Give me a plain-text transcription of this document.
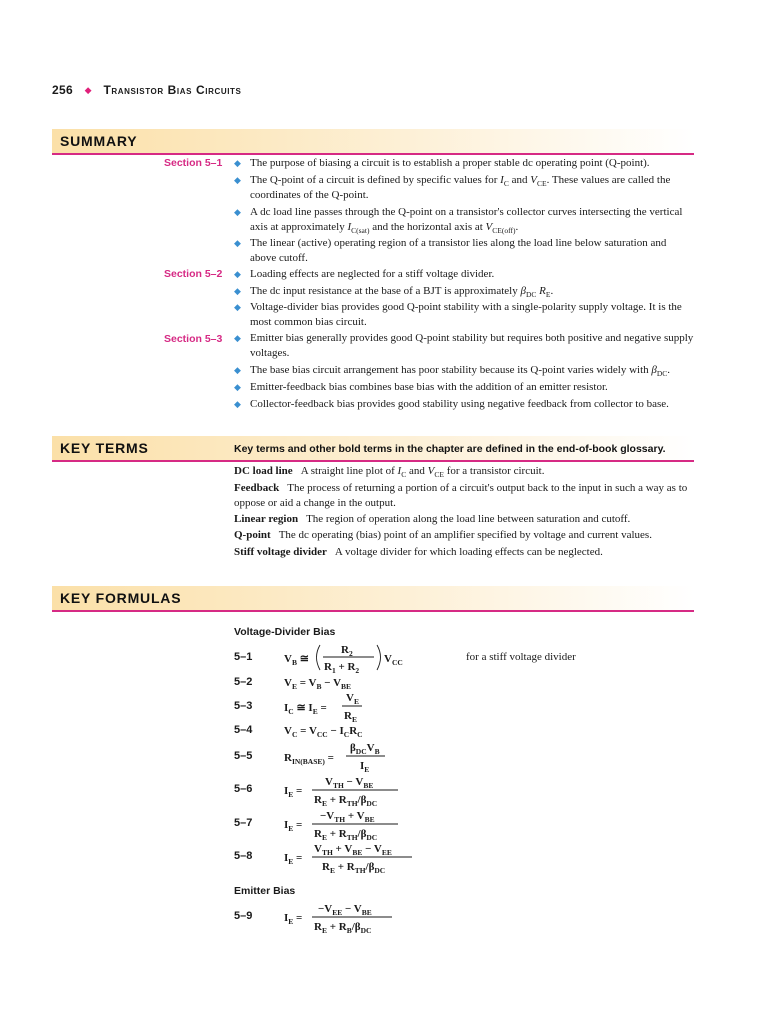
256 ◆ Transistor Bias Circuits
SUMMARY
Section 5–1 ◆ The purpose of biasing a circuit is to establish a proper stable dc operating point (Q-point).
◆ The Q-point of a circuit is defined by specific values for $I_C$ and $V_{CE}$. These values are called the coordinates of the Q-point.
◆ A dc load line passes through the Q-point on a transistor's collector curves intersecting the vertical axis at approximately $I_{C(sat)}$ and the horizontal axis at $V_{CE(off)}$.
◆ The linear (active) operating region of a transistor lies along the load line below saturation and above cutoff.
Section 5–2 ◆ Loading effects are neglected for a stiff voltage divider.
◆ The dc input resistance at the base of a BJT is approximately $\beta_{DC}$ $R_E$.
◆ Voltage-divider bias provides good Q-point stability with a single-polarity supply voltage. It is the most common bias circuit.
Section 5–3 ◆ Emitter bias generally provides good Q-point stability but requires both positive and negative supply voltages.
◆ The base bias circuit arrangement has poor stability because its Q-point varies widely with $\beta_{DC}$.
◆ Emitter-feedback bias combines base bias with the addition of an emitter resistor.
◆ Collector-feedback bias provides good stability using negative feedback from collector to base.
KEY TERMS	Key terms and other bold terms in the chapter are defined in the end-of-book glossary.
DC load line A straight line plot of $I_C$ and $V_{CE}$ for a transistor circuit.
Feedback The process of returning a portion of a circuit's output back to the input in such a way as to oppose or aid a change in the output.
Linear region The region of operation along the load line between saturation and cutoff.
Q-point The dc operating (bias) point of an amplifier specified by voltage and current values.
Stiff voltage divider A voltage divider for which loading effects can be neglected.
KEY FORMULAS
Voltage-Divider Bias
5–1	$V_B$ ≅
$R_2$
$R_1 + R_2$
$V_{CC}$	for a stiff voltage divider
5–2	$V_E = V_B - V_{BE}$
5–3	$I_C$ ≅ $I_E$ =
$V_E$
$R_E$
5–4	$V_C = V_{CC} - I_CR_C$
5–5	$R_{IN(BASE)}$ =
$\beta_{DC}V_B$
$I_E$
5–6	$I_E$ =
$V_{TH} - V_{BE}$
$R_E + R_{TH}/\beta_{DC}$
5–7	$I_E$ =
$-V_{TH} + V_{BE}$
$R_E + R_{TH}/\beta_{DC}$
5–8	$I_E$ =
$V_{TH} + V_{BE} - V_{EE}$
$R_E + R_{TH}/\beta_{DC}$
Emitter Bias
5–9	$I_E$ =
$-V_{EE} - V_{BE}$
$R_E + R_B/\beta_{DC}$
